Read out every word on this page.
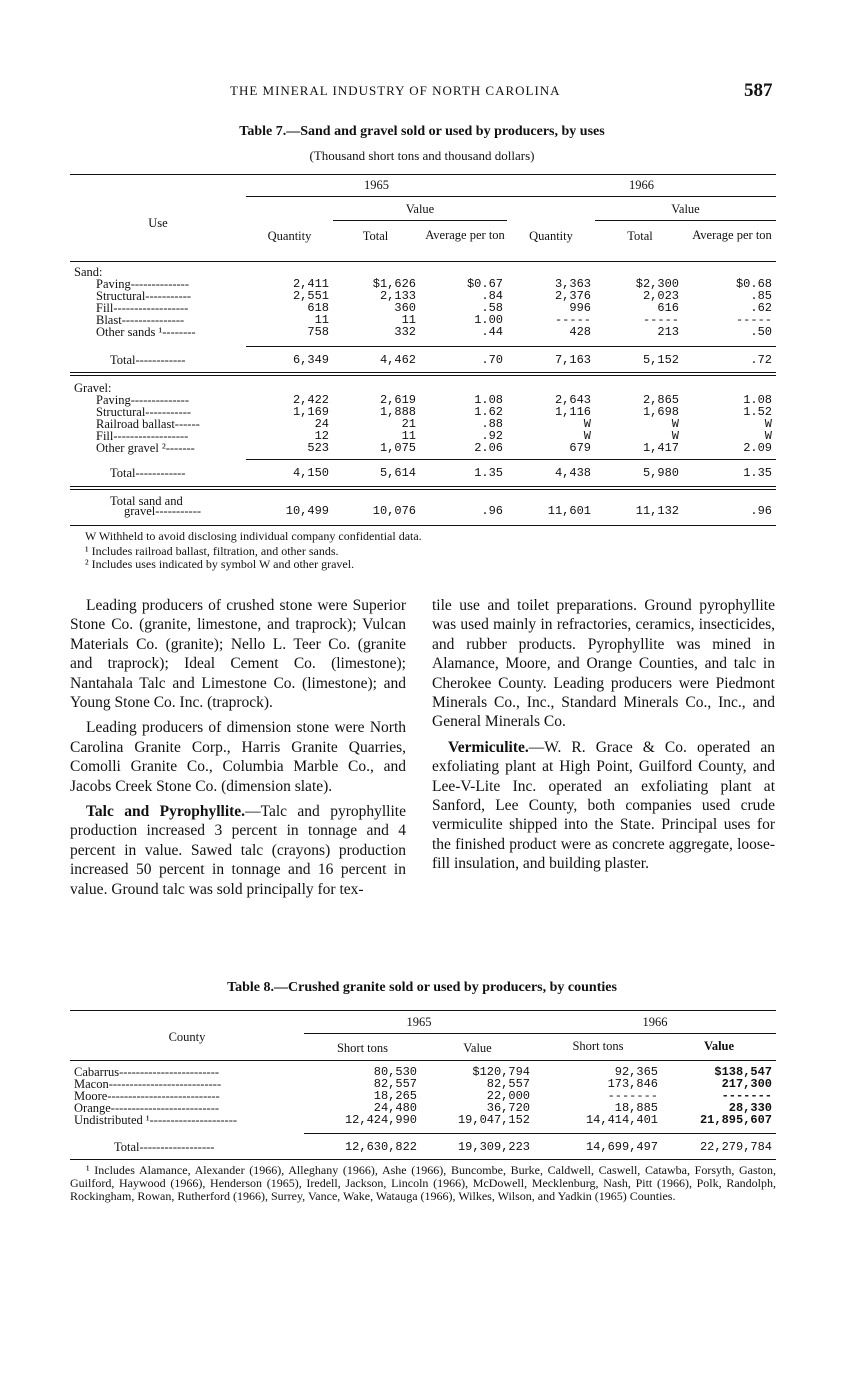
THE MINERAL INDUSTRY OF NORTH CAROLINA	587
Table 7.—Sand and gravel sold or used by producers, by uses
(Thousand short tons and thousand dollars)
Use
1965	1966
Value	Value
Quantity	Total	Average per ton	Quantity	Total	Average per ton
Sand:						
Paving--------------	2,411	$1,626	$0.67	3,363	$2,300	$0.68
Structural-----------	2,551	2,133	.84	2,376	2,023	.85
Fill------------------	618	360	.58	996	616	.62
Blast---------------	11	11	1.00	-----	-----	-----
Other sands ¹--------	758	332	.44	428	213	.50
Total------------	6,349	4,462	.70	7,163	5,152	.72
Gravel:						
Paving--------------	2,422	2,619	1.08	2,643	2,865	1.08
Structural-----------	1,169	1,888	1.62	1,116	1,698	1.52
Railroad ballast------	24	21	.88	W	W	W
Fill------------------	12	11	.92	W	W	W
Other gravel ²-------	523	1,075	2.06	679	1,417	2.09
Total------------	4,150	5,614	1.35	4,438	5,980	1.35
Total sand and
gravel-----------	10,499	10,076	.96	11,601	11,132	.96
W Withheld to avoid disclosing individual company confidential data.
¹ Includes railroad ballast, filtration, and other sands.
² Includes uses indicated by symbol W and other gravel.

Leading producers of crushed stone were Superior Stone Co. (granite, limestone, and traprock); Vulcan Materials Co. (granite); Nello L. Teer Co. (granite and traprock); Ideal Cement Co. (limestone); Nantahala Talc and Limestone Co. (limestone); and Young Stone Co. Inc. (traprock).

Leading producers of dimension stone were North Carolina Granite Corp., Harris Granite Quarries, Comolli Granite Co., Columbia Marble Co., and Jacobs Creek Stone Co. (dimension slate).

Talc and Pyrophyllite.—Talc and pyrophyllite production increased 3 percent in tonnage and 4 percent in value. Sawed talc (crayons) production increased 50 percent in tonnage and 16 percent in value. Ground talc was sold principally for tex-

tile use and toilet preparations. Ground pyrophyllite was used mainly in refractories, ceramics, insecticides, and rubber products. Pyrophyllite was mined in Alamance, Moore, and Orange Counties, and talc in Cherokee County. Leading producers were Piedmont Minerals Co., Inc., Standard Minerals Co., Inc., and General Minerals Co.

Vermiculite.—W. R. Grace & Co. operated an exfoliating plant at High Point, Guilford County, and Lee-V-Lite Inc. operated an exfoliating plant at Sanford, Lee County, both companies used crude vermiculite shipped into the State. Principal uses for the finished product were as concrete aggregate, loose-fill insulation, and building plaster.

Table 8.—Crushed granite sold or used by producers, by counties
County
1965	1966
Short tons	Value	Short tons	Value
Cabarrus------------------------	80,530	$120,794	92,365	$138,547
Macon---------------------------	82,557	82,557	173,846	217,300
Moore---------------------------	18,265	22,000	-------	-------
Orange--------------------------	24,480	36,720	18,885	28,330
Undistributed ¹---------------------	12,424,990	19,047,152	14,414,401	21,895,607
Total------------------	12,630,822	19,309,223	14,699,497	22,279,784
¹ Includes Alamance, Alexander (1966), Alleghany (1966), Ashe (1966), Buncombe, Burke, Caldwell, Caswell, Catawba, Forsyth, Gaston, Guilford, Haywood (1966), Henderson (1965), Iredell, Jackson, Lincoln (1966), McDowell, Mecklenburg, Nash, Pitt (1966), Polk, Randolph, Rockingham, Rowan, Rutherford (1966), Surrey, Vance, Wake, Watauga (1966), Wilkes, Wilson, and Yadkin (1965) Counties.
